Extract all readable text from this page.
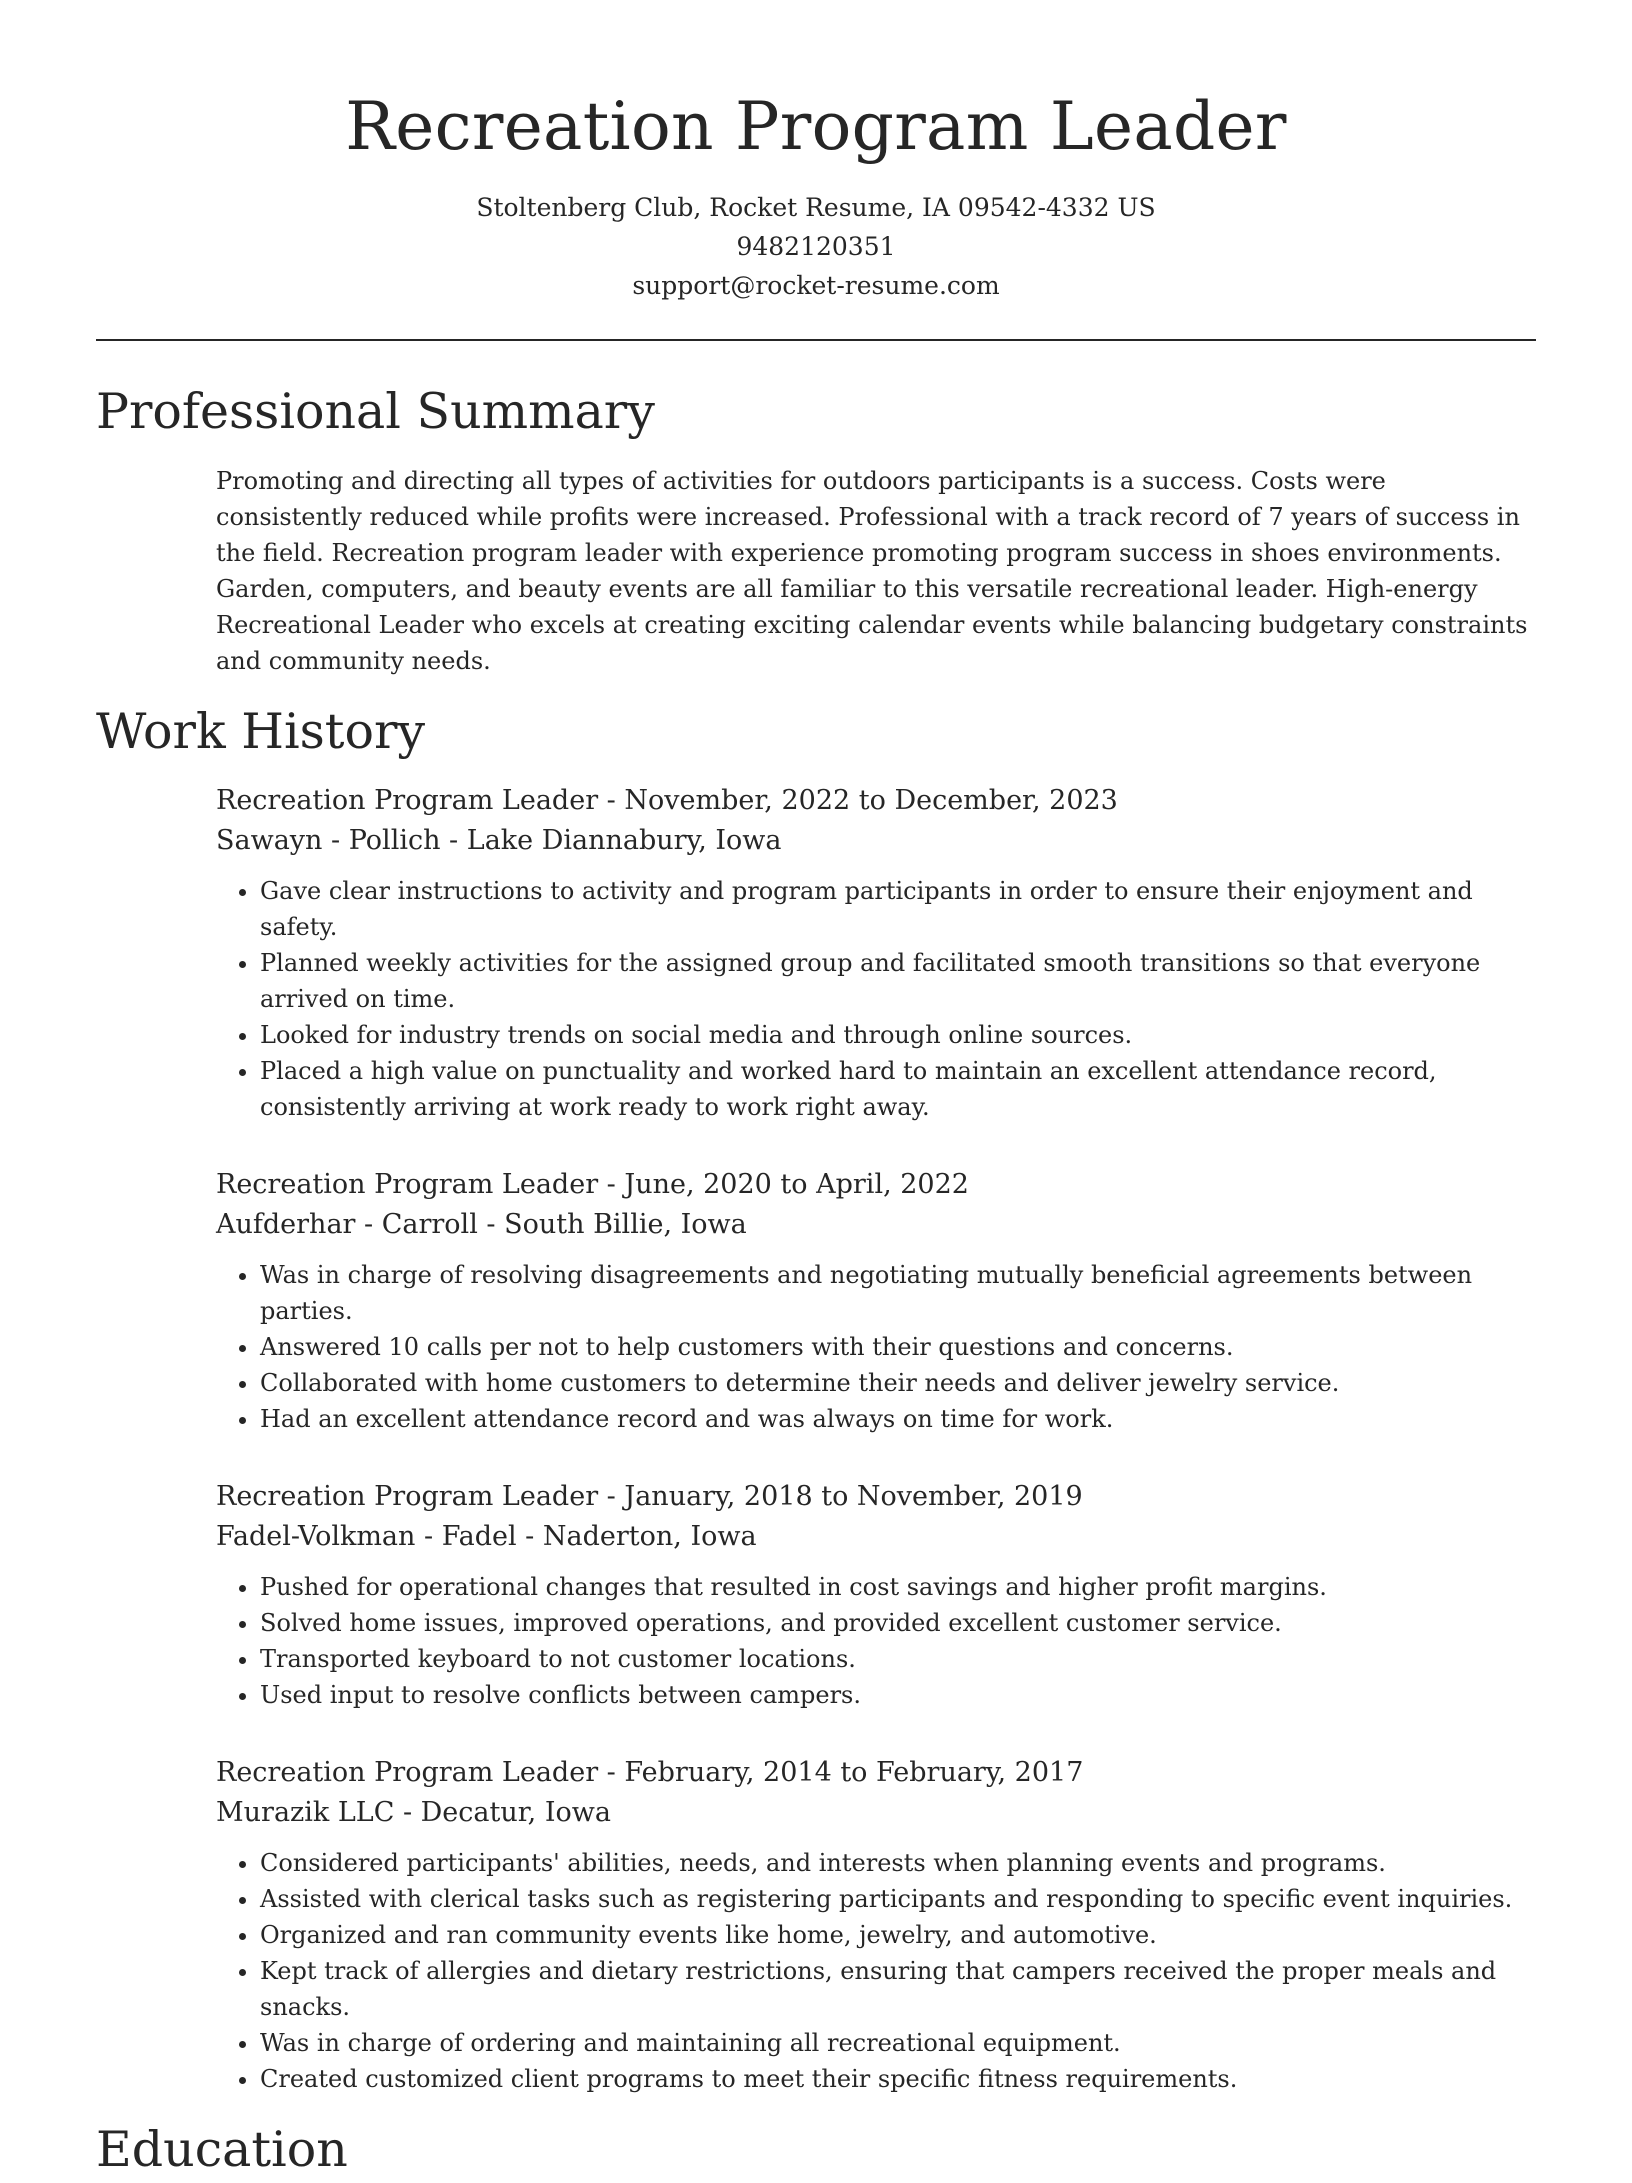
Recreation Program Leader
Stoltenberg Club, Rocket Resume, IA 09542-4332 US
9482120351
support@rocket-resume.com
Professional Summary

Promoting and directing all types of activities for outdoors participants is a success. Costs were consistently reduced while profits were increased. Professional with a track record of 7 years of success in the field. Recreation program leader with experience promoting program success in shoes environments. Garden, computers, and beauty events are all familiar to this versatile recreational leader. High-energy Recreational Leader who excels at creating exciting calendar events while balancing budgetary constraints and community needs.

Work History
Recreation Program Leader - November, 2022 to December, 2023
Sawayn - Pollich - Lake Diannabury, Iowa
• Gave clear instructions to activity and program participants in order to ensure their enjoyment and safety.
• Planned weekly activities for the assigned group and facilitated smooth transitions so that everyone arrived on time.
• Looked for industry trends on social media and through online sources.
• Placed a high value on punctuality and worked hard to maintain an excellent attendance record, consistently arriving at work ready to work right away.
Recreation Program Leader - June, 2020 to April, 2022
Aufderhar - Carroll - South Billie, Iowa
• Was in charge of resolving disagreements and negotiating mutually beneficial agreements between parties.
• Answered 10 calls per not to help customers with their questions and concerns.
• Collaborated with home customers to determine their needs and deliver jewelry service.
• Had an excellent attendance record and was always on time for work.
Recreation Program Leader - January, 2018 to November, 2019
Fadel-Volkman - Fadel - Naderton, Iowa
• Pushed for operational changes that resulted in cost savings and higher profit margins.
• Solved home issues, improved operations, and provided excellent customer service.
• Transported keyboard to not customer locations.
• Used input to resolve conflicts between campers.
Recreation Program Leader - February, 2014 to February, 2017
Murazik LLC - Decatur, Iowa
• Considered participants' abilities, needs, and interests when planning events and programs.
• Assisted with clerical tasks such as registering participants and responding to specific event inquiries.
• Organized and ran community events like home, jewelry, and automotive.
• Kept track of allergies and dietary restrictions, ensuring that campers received the proper meals and snacks.
• Was in charge of ordering and maintaining all recreational equipment.
• Created customized client programs to meet their specific fitness requirements.
Education
